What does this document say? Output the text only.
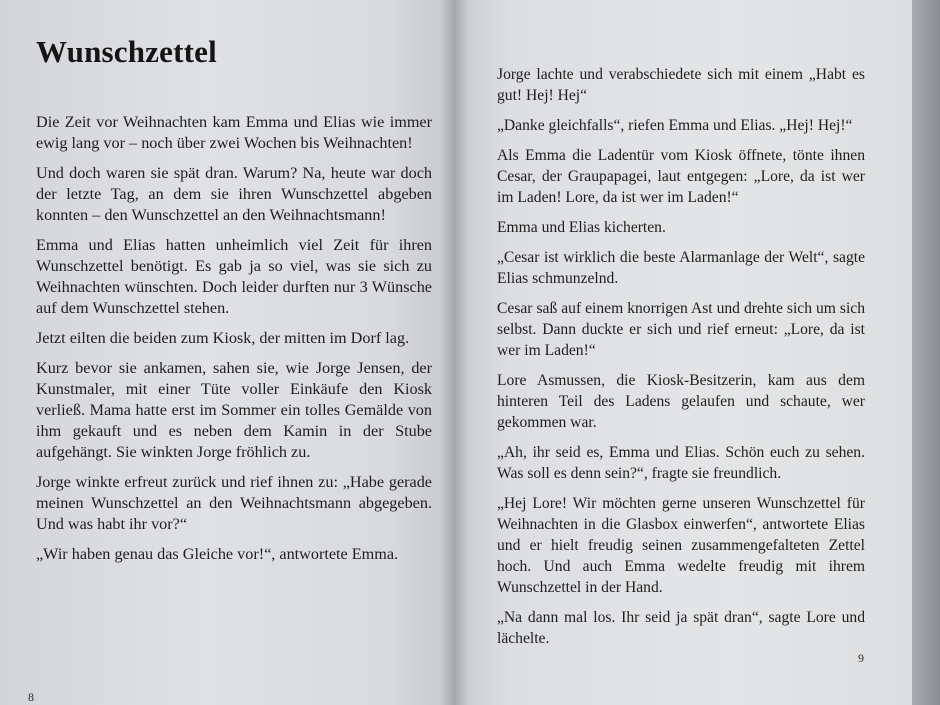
Wunschzettel

Die Zeit vor Weihnachten kam Emma und Elias wie immer ewig lang vor – noch über zwei Wochen bis Weihnachten!

Und doch waren sie spät dran. Warum? Na, heute war doch der letzte Tag, an dem sie ihren Wunschzettel abgeben konnten – den Wunschzettel an den Weihnachtsmann!

Emma und Elias hatten unheimlich viel Zeit für ihren Wunschzettel benötigt. Es gab ja so viel, was sie sich zu Weihnachten wünschten. Doch leider durften nur 3 Wünsche auf dem Wunschzettel stehen.

Jetzt eilten die beiden zum Kiosk, der mitten im Dorf lag.

Kurz bevor sie ankamen, sahen sie, wie Jorge Jensen, der Kunstmaler, mit einer Tüte voller Einkäufe den Kiosk verließ. Mama hatte erst im Sommer ein tolles Gemälde von ihm gekauft und es neben dem Kamin in der Stube aufgehängt. Sie winkten Jorge fröhlich zu.

Jorge winkte erfreut zurück und rief ihnen zu: „Habe gerade meinen Wunschzettel an den Weihnachtsmann abgegeben. Und was habt ihr vor?“

„Wir haben genau das Gleiche vor!“, antwortete Emma.

8

Jorge lachte und verabschiedete sich mit einem „Habt es gut! Hej! Hej“

„Danke gleichfalls“, riefen Emma und Elias. „Hej! Hej!“

Als Emma die Ladentür vom Kiosk öffnete, tönte ihnen Cesar, der Graupapagei, laut entgegen: „Lore, da ist wer im Laden! Lore, da ist wer im Laden!“

Emma und Elias kicherten.

„Cesar ist wirklich die beste Alarmanlage der Welt“, sagte Elias schmunzelnd.

Cesar saß auf einem knorrigen Ast und drehte sich um sich selbst. Dann duckte er sich und rief erneut: „Lore, da ist wer im Laden!“

Lore Asmussen, die Kiosk-Besitzerin, kam aus dem hinteren Teil des Ladens gelaufen und schaute, wer gekommen war.

„Ah, ihr seid es, Emma und Elias. Schön euch zu sehen. Was soll es denn sein?“, fragte sie freundlich.

„Hej Lore! Wir möchten gerne unseren Wunschzettel für Weihnachten in die Glasbox einwerfen“, antwortete Elias und er hielt freudig seinen zusammengefalteten Zettel hoch. Und auch Emma wedelte freudig mit ihrem Wunschzettel in der Hand.

„Na dann mal los. Ihr seid ja spät dran“, sagte Lore und lächelte.

9
